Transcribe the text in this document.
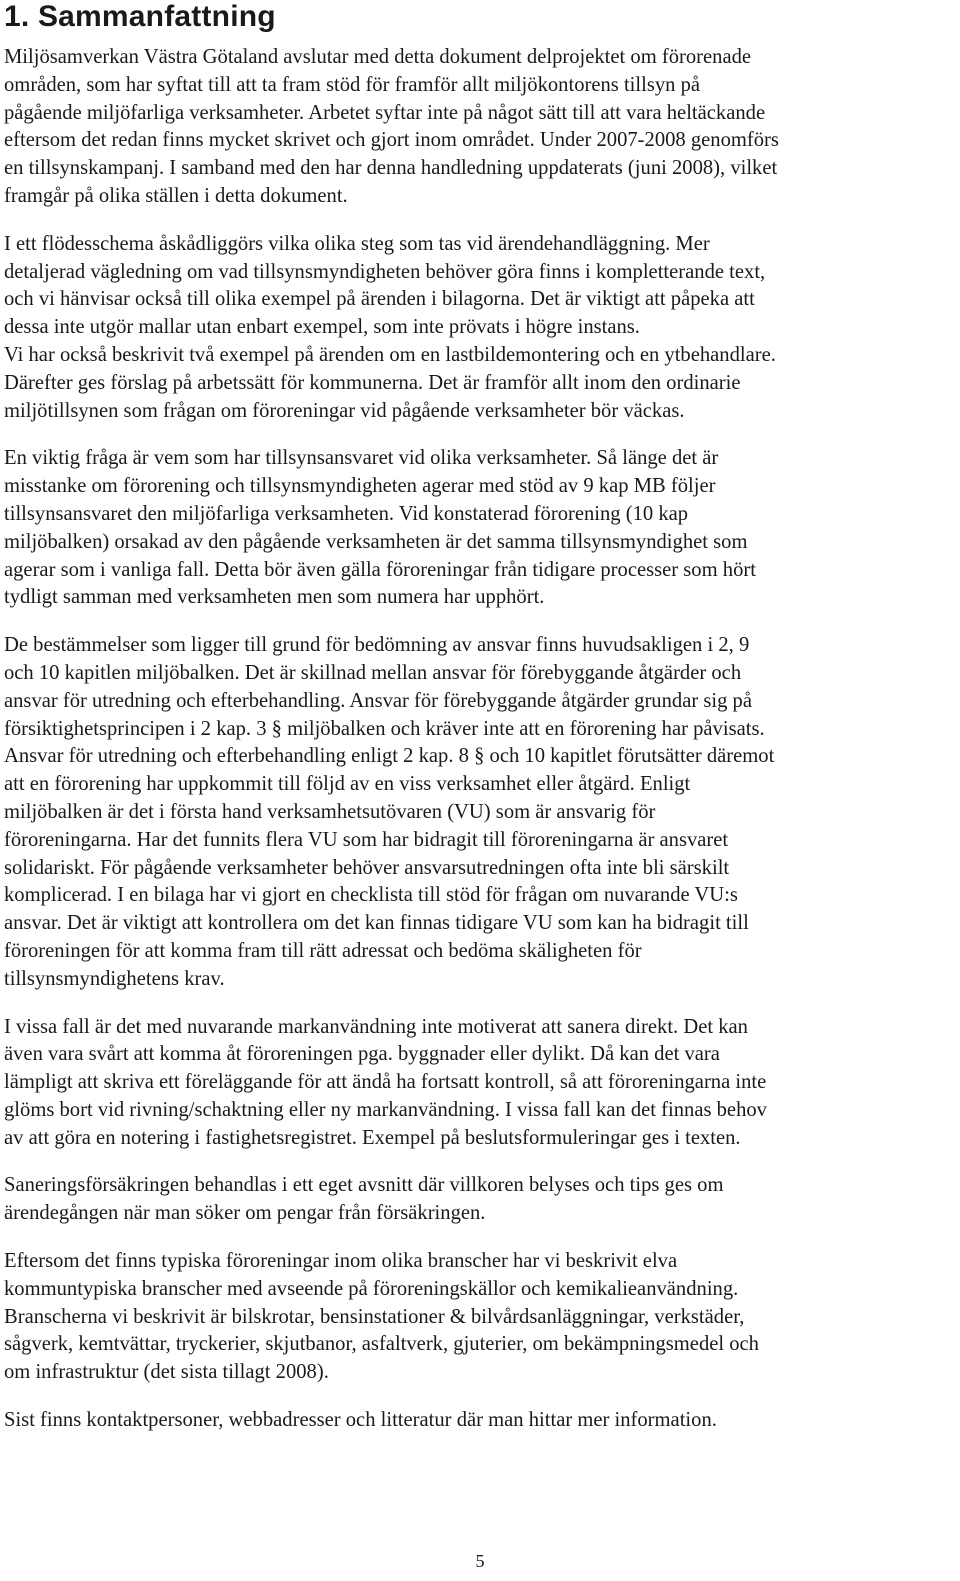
1. Sammanfattning

Miljösamverkan Västra Götaland avslutar med detta dokument delprojektet om förorenade
områden, som har syftat till att ta fram stöd för framför allt miljökontorens tillsyn på
pågående miljöfarliga verksamheter. Arbetet syftar inte på något sätt till att vara heltäckande
eftersom det redan finns mycket skrivet och gjort inom området. Under 2007-2008 genomförs
en tillsynskampanj. I samband med den har denna handledning uppdaterats (juni 2008), vilket
framgår på olika ställen i detta dokument.

I ett flödesschema åskådliggörs vilka olika steg som tas vid ärendehandläggning. Mer
detaljerad vägledning om vad tillsynsmyndigheten behöver göra finns i kompletterande text,
och vi hänvisar också till olika exempel på ärenden i bilagorna. Det är viktigt att påpeka att
dessa inte utgör mallar utan enbart exempel, som inte prövats i högre instans.
Vi har också beskrivit två exempel på ärenden om en lastbildemontering och en ytbehandlare.
Därefter ges förslag på arbetssätt för kommunerna. Det är framför allt inom den ordinarie
miljötillsynen som frågan om föroreningar vid pågående verksamheter bör väckas.

En viktig fråga är vem som har tillsynsansvaret vid olika verksamheter. Så länge det är
misstanke om förorening och tillsynsmyndigheten agerar med stöd av 9 kap MB följer
tillsynsansvaret den miljöfarliga verksamheten. Vid konstaterad förorening (10 kap
miljöbalken) orsakad av den pågående verksamheten är det samma tillsynsmyndighet som
agerar som i vanliga fall. Detta bör även gälla föroreningar från tidigare processer som hört
tydligt samman med verksamheten men som numera har upphört.

De bestämmelser som ligger till grund för bedömning av ansvar finns huvudsakligen i 2, 9
och 10 kapitlen miljöbalken. Det är skillnad mellan ansvar för förebyggande åtgärder och
ansvar för utredning och efterbehandling. Ansvar för förebyggande åtgärder grundar sig på
försiktighetsprincipen i 2 kap. 3 § miljöbalken och kräver inte att en förorening har påvisats.
Ansvar för utredning och efterbehandling enligt 2 kap. 8 § och 10 kapitlet förutsätter däremot
att en förorening har uppkommit till följd av en viss verksamhet eller åtgärd. Enligt
miljöbalken är det i första hand verksamhetsutövaren (VU) som är ansvarig för
föroreningarna. Har det funnits flera VU som har bidragit till föroreningarna är ansvaret
solidariskt. För pågående verksamheter behöver ansvarsutredningen ofta inte bli särskilt
komplicerad. I en bilaga har vi gjort en checklista till stöd för frågan om nuvarande VU:s
ansvar. Det är viktigt att kontrollera om det kan finnas tidigare VU som kan ha bidragit till
föroreningen för att komma fram till rätt adressat och bedöma skäligheten för
tillsynsmyndighetens krav.

I vissa fall är det med nuvarande markanvändning inte motiverat att sanera direkt. Det kan
även vara svårt att komma åt föroreningen pga. byggnader eller dylikt. Då kan det vara
lämpligt att skriva ett föreläggande för att ändå ha fortsatt kontroll, så att föroreningarna inte
glöms bort vid rivning/schaktning eller ny markanvändning. I vissa fall kan det finnas behov
av att göra en notering i fastighetsregistret. Exempel på beslutsformuleringar ges i texten.

Saneringsförsäkringen behandlas i ett eget avsnitt där villkoren belyses och tips ges om
ärendegången när man söker om pengar från försäkringen.

Eftersom det finns typiska föroreningar inom olika branscher har vi beskrivit elva
kommuntypiska branscher med avseende på föroreningskällor och kemikalieanvändning.
Branscherna vi beskrivit är bilskrotar, bensinstationer & bilvårdsanläggningar, verkstäder,
sågverk, kemtvättar, tryckerier, skjutbanor, asfaltverk, gjuterier, om bekämpningsmedel och
om infrastruktur (det sista tillagt 2008).

Sist finns kontaktpersoner, webbadresser och litteratur där man hittar mer information.

5
